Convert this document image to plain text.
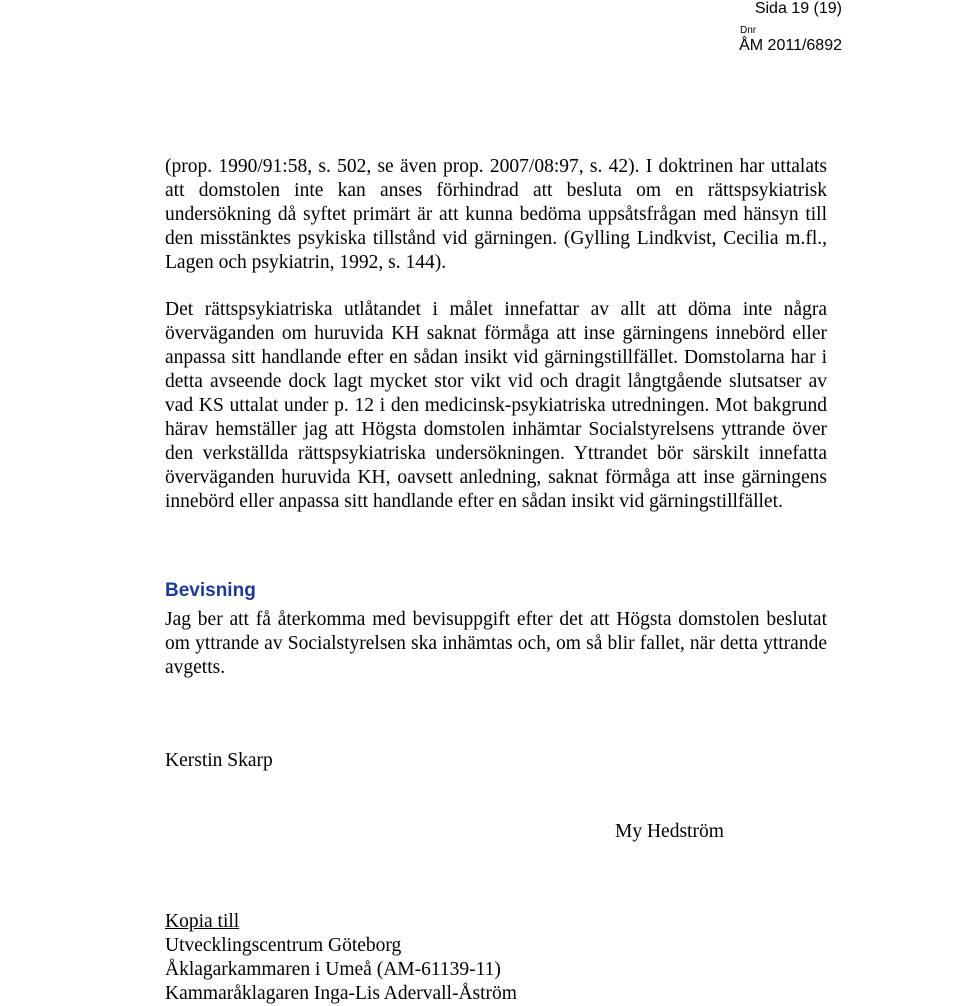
Sida 19 (19)
Dnr
ÅM 2011/6892

(prop. 1990/91:58, s. 502, se även prop. 2007/08:97, s. 42). I doktrinen har uttalats att domstolen inte kan anses förhindrad att besluta om en rättspsykiatrisk undersökning då syftet primärt är att kunna bedöma uppsåtsfrågan med hänsyn till den misstänktes psykiska tillstånd vid gärningen. (Gylling Lindkvist, Cecilia m.fl., Lagen och psykiatrin, 1992, s. 144).

Det rättspsykiatriska utlåtandet i målet innefattar av allt att döma inte några överväganden om huruvida KH saknat förmåga att inse gärningens innebörd eller anpassa sitt handlande efter en sådan insikt vid gärningstillfället. Domstolarna har i detta avseende dock lagt mycket stor vikt vid och dragit långtgående slutsatser av vad KS uttalat under p. 12 i den medicinsk-psykiatriska utredningen. Mot bakgrund härav hemställer jag att Högsta domstolen inhämtar Socialstyrelsens yttrande över den verkställda rättspsykiatriska undersökningen. Yttrandet bör särskilt innefatta överväganden huruvida KH, oavsett anledning, saknat förmåga att inse gärningens innebörd eller anpassa sitt handlande efter en sådan insikt vid gärningstillfället.

Bevisning

Jag ber att få återkomma med bevisuppgift efter det att Högsta domstolen beslutat om yttrande av Socialstyrelsen ska inhämtas och, om så blir fallet, när detta yttrande avgetts.

Kerstin Skarp
My Hedström
Kopia till
Utvecklingscentrum Göteborg
Åklagarkammaren i Umeå (AM-61139-11)
Kammaråklagaren Inga-Lis Adervall-Åström
